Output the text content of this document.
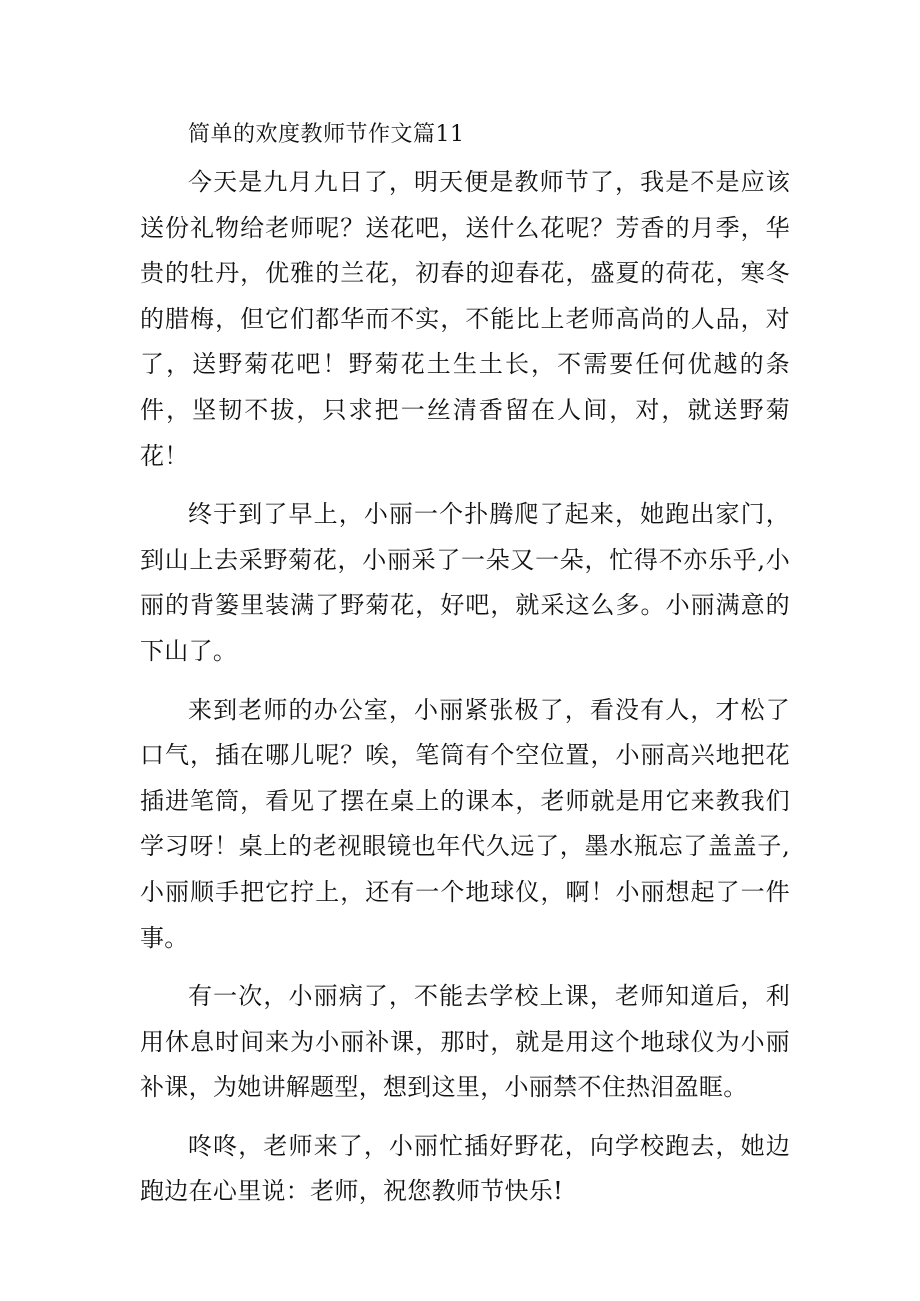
简单的欢度教师节作文篇11

今天是九月九日了，明天便是教师节了，我是不是应该送份礼物给老师呢？送花吧，送什么花呢？芳香的月季，华贵的牡丹，优雅的兰花，初春的迎春花，盛夏的荷花，寒冬的腊梅，但它们都华而不实，不能比上老师高尚的人品，对了，送野菊花吧！野菊花土生土长，不需要任何优越的条件，坚韧不拔，只求把一丝清香留在人间，对，就送野菊花！

终于到了早上，小丽一个扑腾爬了起来，她跑出家门，到山上去采野菊花，小丽采了一朵又一朵，忙得不亦乐乎,小丽的背篓里装满了野菊花，好吧，就采这么多。小丽满意的下山了。

来到老师的办公室，小丽紧张极了，看没有人，才松了口气，插在哪儿呢？唉，笔筒有个空位置，小丽高兴地把花插进笔筒，看见了摆在桌上的课本，老师就是用它来教我们学习呀！桌上的老视眼镜也年代久远了，墨水瓶忘了盖盖子,小丽顺手把它拧上，还有一个地球仪，啊！小丽想起了一件事。

有一次，小丽病了，不能去学校上课，老师知道后，利用休息时间来为小丽补课，那时，就是用这个地球仪为小丽补课，为她讲解题型，想到这里，小丽禁不住热泪盈眶。

咚咚，老师来了，小丽忙插好野花，向学校跑去，她边跑边在心里说：老师，祝您教师节快乐!
